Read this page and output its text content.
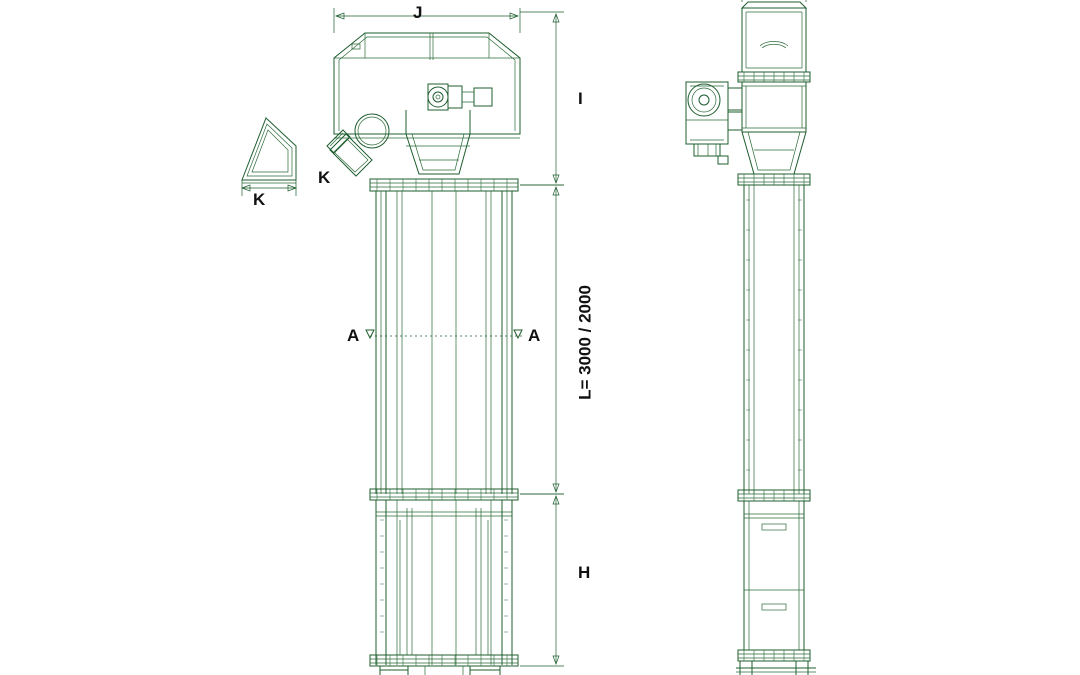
J
I
K
K
A	A L= 3000 / 2000
H
